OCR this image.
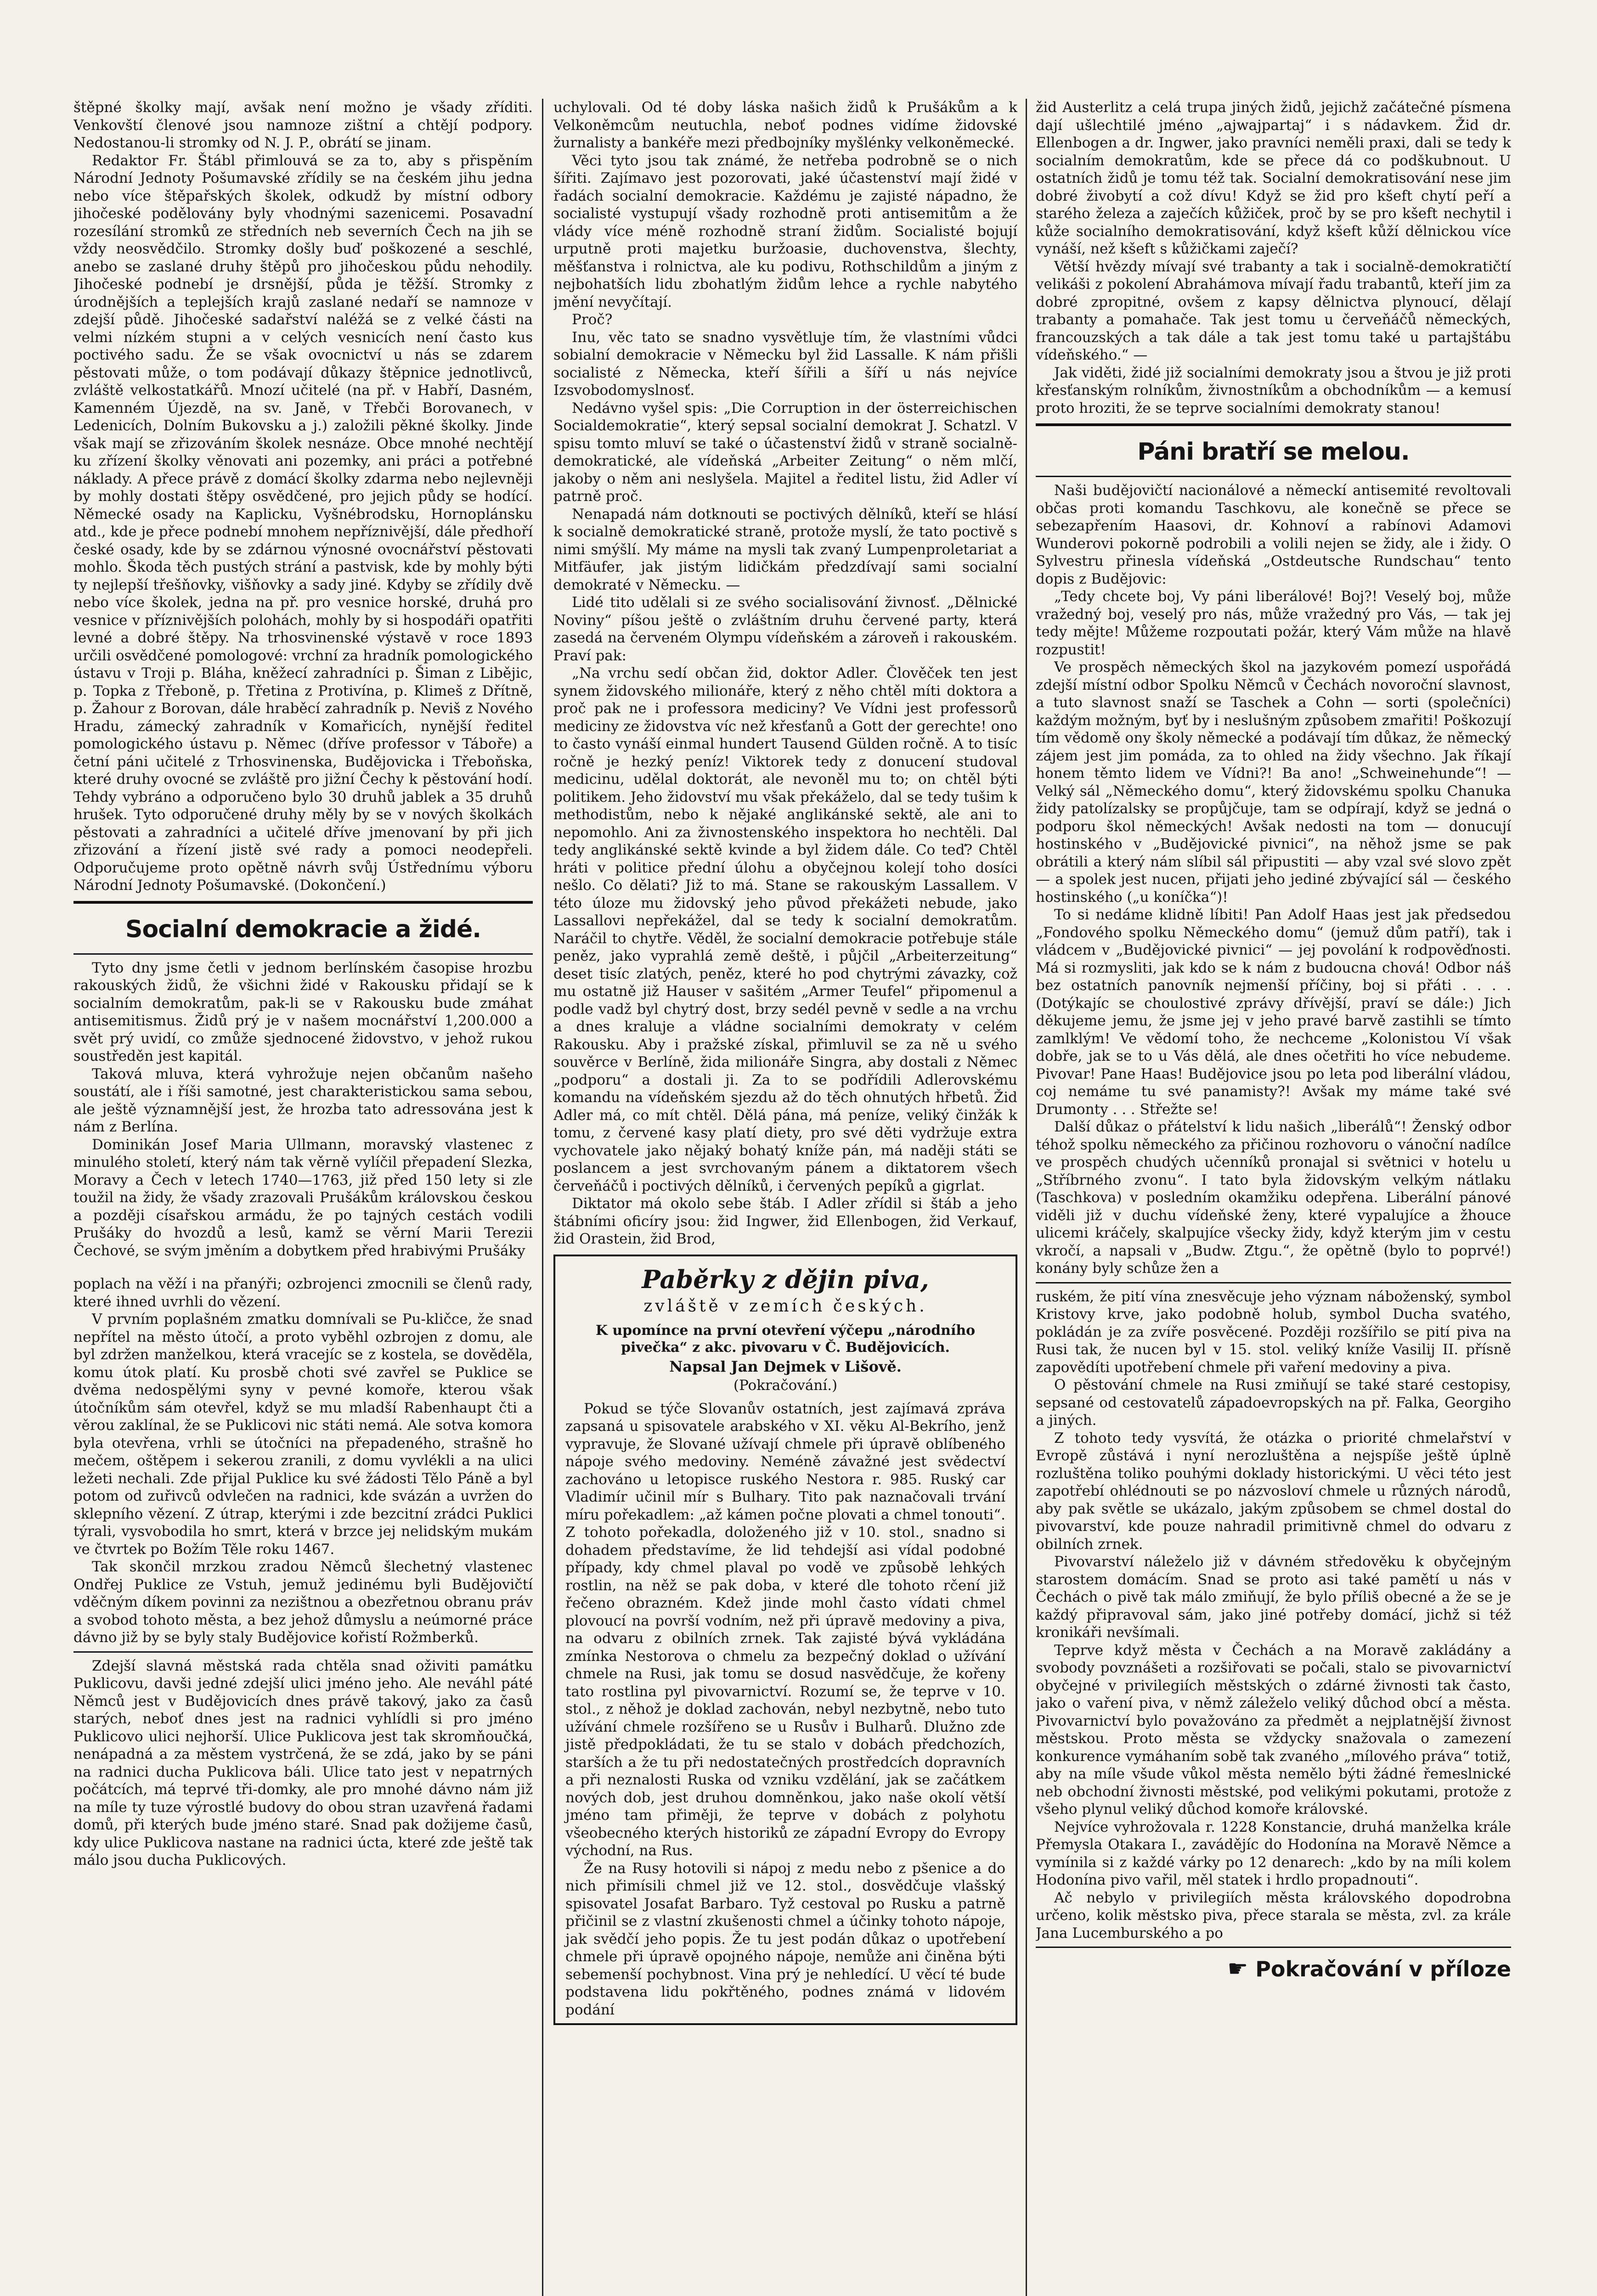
štěpné školky mají, avšak není možno je všady zříditi. Venkovští členové jsou namnoze zištní a chtějí podpory. Nedostanou-li stromky od N. J. P., obrátí se jinam.

Redaktor Fr. Štábl přimlouvá se za to, aby s přispěním Národní Jednoty Pošumavské zřídily se na českém jihu jedna nebo více štěpařských školek, odkudž by místní odbory jihočeské podělovány byly vhodnými sazenicemi. Posavadní rozesílání stromků ze středních neb severních Čech na jih se vždy neosvědčilo. Stromky došly buď poškozené a seschlé, anebo se zaslané druhy štěpů pro jihočeskou půdu nehodily. Jihočeské podnebí je drsnější, půda je těžší. Stromky z úrodnějších a teplejších krajů zaslané nedaří se namnoze v zdejší půdě. Jihočeské sadařství naléžá se z velké části na velmi nízkém stupni a v celých vesnicích není často kus poctivého sadu. Že se však ovocnictví u nás se zdarem pěstovati může, o tom podávají důkazy štěpnice jednotlivců, zvláště velkostatkářů. Mnozí učitelé (na př. v Habří, Dasném, Kamenném Újezdě, na sv. Janě, v Třebči Borovanech, v Ledenicích, Dolním Bukovsku a j.) založili pěkné školky. Jinde však mají se zřizováním školek nesnáze. Obce mnohé nechtějí ku zřízení školky věnovati ani pozemky, ani práci a potřebné náklady. A přece právě z domácí školky zdarma nebo nejlevněji by mohly dostati štěpy osvědčené, pro jejich půdy se hodící. Německé osady na Kaplicku, Vyšnébrodsku, Hornoplánsku atd., kde je přece podnebí mnohem nepříznivější, dále předhoří české osady, kde by se zdárnou výnosné ovocnářství pěstovati mohlo. Škoda těch pustých strání a pastvisk, kde by mohly býti ty nejlepší třešňovky, višňovky a sady jiné. Kdyby se zřídily dvě nebo více školek, jedna na př. pro vesnice horské, druhá pro vesnice v příznivějších polohách, mohly by si hospodáři opatřiti levné a dobré štěpy. Na trhosvinenské výstavě v roce 1893 určili osvědčené pomologové: vrchní za hradník pomologického ústavu v Troji p. Bláha, kněžecí zahradníci p. Šiman z Libějic, p. Topka z Třeboně, p. Třetina z Protivína, p. Klimeš z Dřítně, p. Žahour z Borovan, dále hraběcí zahradník p. Neviš z Nového Hradu, zámecký zahradník v Komařicích, nynější ředitel pomologického ústavu p. Němec (dříve professor v Táboře) a četní páni učitelé z Trhosvinenska, Budějovicka i Třeboňska, které druhy ovocné se zvláště pro jižní Čechy k pěstování hodí. Tehdy vybráno a odporučeno bylo 30 druhů jablek a 35 druhů hrušek. Tyto odporučené druhy měly by se v nových školkách pěstovati a zahradníci a učitelé dříve jmenovaní by při jich zřizování a řízení jistě své rady a pomoci neodepřeli. Odporučujeme proto opětně návrh svůj Ústřednímu výboru Národní Jednoty Pošumavské. (Dokončení.)

Socialní demokracie a židé.

Tyto dny jsme četli v jednom berlínském časopise hrozbu rakouských židů, že všichni židé v Rakousku přidají se k socialním demokratům, pak-li se v Rakousku bude zmáhat antisemitismus. Židů prý je v našem mocnářství 1,200.000 a svět prý uvidí, co zmůže sjednocené židovstvo, v jehož rukou soustředěn jest kapitál.

Taková mluva, která vyhrožuje nejen občanům našeho soustátí, ale i říši samotné, jest charakteristickou sama sebou, ale ještě významnější jest, že hrozba tato adressována jest k nám z Berlína.

Dominikán Josef Maria Ullmann, moravský vlastenec z minulého století, který nám tak věrně vylíčil přepadení Slezka, Moravy a Čech v letech 1740—1763, již před 150 lety si zle toužil na židy, že všady zrazovali Prušákům královskou českou a později císařskou armádu, že po tajných cestách vodili Prušáky do hvozdů a lesů, kamž se věrní Marii Terezii Čechové, se svým jměním a dobytkem před hrabivými Prušáky

poplach na věží i na přanýři; ozbrojenci zmocnili se členů rady, které ihned uvrhli do vězení.

V prvním poplašném zmatku domnívali se Pu-kličce, že snad nepřítel na město útočí, a proto vyběhl ozbrojen z domu, ale byl zdržen manželkou, která vracejíc se z kostela, se dověděla, komu útok platí. Ku prosbě choti své zavřel se Puklice se dvěma nedospělými syny v pevné komoře, kterou však útočníkům sám otevřel, když se mu mladší Rabenhaupt čti a věrou zaklínal, že se Puklicovi nic státi nemá. Ale sotva komora byla otevřena, vrhli se útočníci na přepadeného, strašně ho mečem, oštěpem i sekerou zranili, z domu vyvlékli a na ulici ležeti nechali. Zde přijal Puklice ku své žádosti Tělo Páně a byl potom od zuřivců odvlečen na radnici, kde svázán a uvržen do sklepního vězení. Z útrap, kterými i zde bezcitní zrádci Puklici týrali, vysvobodila ho smrt, která v brzce jej nelidským mukám ve čtvrtek po Božím Těle roku 1467.

Tak skončil mrzkou zradou Němců šlechetný vlastenec Ondřej Puklice ze Vstuh, jemuž jedinému byli Budějovičtí vděčným díkem povinni za nezištnou a obezřetnou obranu práv a svobod tohoto města, a bez jehož důmyslu a neúmorné práce dávno již by se byly staly Budějovice kořistí Rožmberků.

Zdejší slavná městská rada chtěla snad oživiti památku Puklicovu, davši jedné zdejší ulici jméno jeho. Ale neváhl páté Němců jest v Budějovicích dnes právě takový, jako za časů starých, neboť dnes jest na radnici vyhlídli si pro jméno Puklicovo ulici nejhorší. Ulice Puklicova jest tak skromňoučká, nenápadná a za městem vystrčená, že se zdá, jako by se páni na radnici ducha Puklicova báli. Ulice tato jest v nepatrných počátcích, má teprvé tři-domky, ale pro mnohé dávno nám již na míle ty tuze výrostlé budovy do obou stran uzavřená řadami domů, při kterých bude jméno staré. Snad pak dožijeme časů, kdy ulice Puklicova nastane na radnici úcta, které zde ještě tak málo jsou ducha Puklicových.

uchylovali. Od té doby láska našich židů k Prušákům a k Velkoněmcům neutuchla, neboť podnes vidíme židovské žurnalisty a bankéře mezi předbojníky myšlénky velkoněmecké.

Věci tyto jsou tak známé, že netřeba podrobně se o nich šířiti. Zajímavo jest pozorovati, jaké účastenství mají židé v řadách socialní demokracie. Každému je zajisté nápadno, že socialisté vystupují všady rozhodně proti antisemitům a že vlády více méně rozhodně straní židům. Socialisté bojují urputně proti majetku buržoasie, duchovenstva, šlechty, měšťanstva i rolnictva, ale ku podivu, Rothschildům a jiným z nejbohatších lidu zbohatlým židům lehce a rychle nabytého jmění nevyčítají.

Proč?

Inu, věc tato se snadno vysvětluje tím, že vlastními vůdci sobialní demokracie v Německu byl žid Lassalle. K nám přišli socialisté z Německa, kteří šířili a šíří u nás nejvíce Izsvobodomyslnosť.

Nedávno vyšel spis: „Die Corruption in der österreichischen Socialdemokratie“, který sepsal socialní demokrat J. Schatzl. V spisu tomto mluví se také o účastenství židů v straně socialně-demokratické, ale vídeňská „Arbeiter Zeitung“ o něm mlčí, jakoby o něm ani neslyšela. Majitel a ředitel listu, žid Adler ví patrně proč.

Nenapadá nám dotknouti se poctivých dělníků, kteří se hlásí k socialně demokratické straně, protože myslí, že tato poctivě s nimi smýšlí. My máme na mysli tak zvaný Lumpenproletariat a Mitfäufer, jak jistým lidičkám předzdívají sami socialní demokraté v Německu. —

Lidé tito udělali si ze svého socialisování živnosť. „Dělnické Noviny“ píšou ještě o zvláštním druhu červené party, která zasedá na červeném Olympu vídeňském a zároveň i rakouském. Praví pak:

„Na vrchu sedí občan žid, doktor Adler. Člověček ten jest synem židovského milionáře, který z něho chtěl míti doktora a proč pak ne i professora mediciny? Ve Vídni jest professorů mediciny ze židovstva víc než křesťanů a Gott der gerechte! ono to často vynáší einmal hundert Tausend Gülden ročně. A to tisíc ročně je hezký peníz! Viktorek tedy z donucení studoval medicinu, udělal doktorát, ale nevoněl mu to; on chtěl býti politikem. Jeho židovství mu však překáželo, dal se tedy tušim k methodistům, nebo k nějaké anglikánské sektě, ale ani to nepomohlo. Ani za živnostenského inspektora ho nechtěli. Dal tedy anglikánské sektě kvinde a byl židem dále. Co teď? Chtěl hráti v politice přední úlohu a obyčejnou kolejí toho dosíci nešlo. Co dělati? Již to má. Stane se rakouským Lassallem. V této úloze mu židovský jeho původ překážeti nebude, jako Lassallovi nepřekážel, dal se tedy k socialní demokratům. Naráčil to chytře. Věděl, že socialní demokracie potřebuje stále peněz, jako vyprahlá země deště, i půjčil „Arbeiterzeitung“ deset tisíc zlatých, peněz, které ho pod chytrými závazky, což mu ostatně již Hauser v sašitém „Armer Teufel“ připomenul a podle vadž byl chytrý dost, brzy sedél pevně v sedle a na vrchu a dnes kraluje a vládne socialními demokraty v celém Rakousku. Aby i pražské získal, přimluvil se za ně u svého souvěrce v Berlíně, žida milionáře Singra, aby dostali z Němec „podporu“ a dostali ji. Za to se podřídili Adlerovskému komandu na vídeňském sjezdu až do těch ohnutých hřbetů. Žid Adler má, co mít chtěl. Dělá pána, má peníze, veliký činžák k tomu, z červené kasy platí diety, pro své děti vydržuje extra vychovatele jako nějaký bohatý kníže pán, má naději státi se poslancem a jest svrchovaným pánem a diktatorem všech červeňáčů i poctivých dělníků, i červených pepíků a gigrlat.

Diktator má okolo sebe štáb. I Adler zřídil si štáb a jeho štábními oficíry jsou: žid Ingwer, žid Ellenbogen, žid Verkauf, žid Orastein, žid Brod,

Paběrky z dějin piva,
zvláště v zemích českých.
K upomínce na první otevření výčepu „národního pivečka“ z akc. pivovaru v Č. Budějovicích.
Napsal Jan Dejmek v Lišově.
(Pokračování.)

Pokud se týče Slovanův ostatních, jest zajímavá zpráva zapsaná u spisovatele arabského v XI. věku Al-Bekrího, jenž vypravuje, že Slované užívají chmele při úpravě oblíbeného nápoje svého medoviny. Neméně závažné jest svědectví zachováno u letopisce ruského Nestora r. 985. Ruský car Vladimír učinil mír s Bulhary. Tito pak naznačovali trvání míru pořekadlem: „až kámen počne plovati a chmel tonouti“. Z tohoto pořekadla, doloženého již v 10. stol., snadno si dohadem představíme, že lid tehdejší asi vídal podobné případy, kdy chmel plaval po vodě ve způsobě lehkých rostlin, na něž se pak doba, v které dle tohoto rčení již řečeno obrazném. Kdež jinde mohl často vídati chmel plovoucí na površí vodním, než při úpravě medoviny a piva, na odvaru z obilních zrnek. Tak zajisté bývá vykládána zmínka Nestorova o chmelu za bezpečný doklad o užívání chmele na Rusi, jak tomu se dosud nasvědčuje, že kořeny tato rostlina pyl pivovarnictví. Rozumí se, že teprve v 10. stol., z něhož je doklad zachován, nebyl nezbytně, nebo tuto užívání chmele rozšířeno se u Rusův i Bulharů. Dlužno zde jistě předpokládati, že tu se stalo v dobách předchozích, starších a že tu při nedostatečných prostředcích dopravních a při neznalosti Ruska od vzniku vzdělání, jak se začátkem nových dob, jest druhou domněnkou, jako naše okolí větší jméno tam přiměji, že teprve v dobách z polyhotu všeobecného kterých historiků ze západní Evropy do Evropy východní, na Rus.

Že na Rusy hotovili si nápoj z medu nebo z pšenice a do nich přimísili chmel již ve 12. stol., dosvědčuje vlašský spisovatel Josafat Barbaro. Tyž cestoval po Rusku a patrně přičinil se z vlastní zkušenosti chmel a účinky tohoto nápoje, jak svědčí jeho popis. Že tu jest podán důkaz o upotřebení chmele při úpravě opojného nápoje, nemůže ani činěna býti sebemenší pochybnost. Vina prý je nehledící. U věcí té bude podstavena lidu pokřtěného, podnes známá v lidovém podání

žid Austerlitz a celá trupa jiných židů, jejichž začátečné písmena dají ušlechtilé jméno „ajwajpartaj“ i s nádavkem. Žid dr. Ellenbogen a dr. Ingwer, jako pravníci neměli praxi, dali se tedy k socialním demokratům, kde se přece dá co podškubnout. U ostatních židů je tomu též tak. Socialní demokratisování nese jim dobré živobytí a což dívu! Když se žid pro kšeft chytí peří a starého železa a zaječích kůžiček, proč by se pro kšeft nechytil i kůže socialního demokratisování, když kšeft kůží dělnickou více vynáší, než kšeft s kůžičkami zaječí?

Větší hvězdy mívají své trabanty a tak i socialně-demokratičtí velikáši z pokolení Abrahámova mívají řadu trabantů, kteří jim za dobré zpropitné, ovšem z kapsy dělnictva plynoucí, dělají trabanty a pomahače. Tak jest tomu u červeňáčů německých, francouzských a tak dále a tak jest tomu také u partajštábu vídeňského.“ —

Jak viděti, židé již socialními demokraty jsou a štvou je již proti křesťanským rolníkům, živnostníkům a obchodníkům — a kemusí proto hroziti, že se teprve socialními demokraty stanou!

Páni bratří se melou.

Naši budějovičtí nacionálové a německí antisemité revoltovali občas proti komandu Taschkovu, ale konečně se přece se sebezapřením Haasovi, dr. Kohnoví a rabínovi Adamovi Wunderovi pokorně podrobili a volili nejen se židy, ale i židy. O Sylvestru přinesla vídeňská „Ostdeutsche Rundschau“ tento dopis z Budějovic:

„Tedy chcete boj, Vy páni liberálové! Boj?! Veselý boj, může vražedný boj, veselý pro nás, může vražedný pro Vás, — tak jej tedy mějte! Můžeme rozpoutati požár, který Vám může na hlavě rozpustit!

Ve prospěch německých škol na jazykovém pomezí uspořádá zdejší místní odbor Spolku Němců v Čechách novoroční slavnost, a tuto slavnost snaží se Taschek a Cohn — sorti (společníci) každým možným, byť by i neslušným způsobem zmařiti! Poškozují tím vědomě ony školy německé a podávají tím důkaz, že německý zájem jest jim pomáda, za to ohled na židy všechno. Jak říkají honem těmto lidem ve Vídni?! Ba ano! „Schweinehunde“! — Velký sál „Německého domu“, který židovskému spolku Chanuka židy patolízalsky se propůjčuje, tam se odpírají, když se jedná o podporu škol německých! Avšak nedosti na tom — donucují hostinského v „Budějovické pivnici“, na něhož jsme se pak obrátili a který nám slíbil sál připustiti — aby vzal své slovo zpět — a spolek jest nucen, přijati jeho jediné zbývající sál — českého hostinského („u koníčka“)!

To si nedáme klidně líbiti! Pan Adolf Haas jest jak předsedou „Fondového spolku Německého domu“ (jemuž dům patří), tak i vládcem v „Budějovické pivnici“ — jej povolání k rodpověďnosti. Má si rozmysliti, jak kdo se k nám z budoucna chová! Odbor náš bez ostatních panovník nejmenší příčiny, boj si přáti . . . . (Dotýkajíc se choulostivé zprávy dřívější, praví se dále:) Jich děkujeme jemu, že jsme jej v jeho pravé barvě zastihli se tímto zamlklým! Ve vědomí toho, že nechceme „Kolonistou Ví však dobře, jak se to u Vás dělá, ale dnes očetřiti ho více nebudeme. Pivovar! Pane Haas! Budějovice jsou po leta pod liberální vládou, coj nemáme tu své panamisty?! Avšak my máme také své Drumonty . . . Střežte se!

Další důkaz o přátelství k lidu našich „liberálů“! Ženský odbor téhož spolku německého za přičinou rozhovoru o vánoční nadílce ve prospěch chudých učenníků pronajal si světnici v hotelu u „Stříbrného zvonu“. I tato byla židovským velkým nátlaku (Taschkova) v posledním okamžiku odepřena. Liberální pánové viděli již v duchu vídeňské ženy, které vypalujíce a žhouce ulicemi kráčely, skalpujíce všecky židy, když kterým jim v cestu vkročí, a napsali v „Budw. Ztgu.“, že opětně (bylo to poprvé!) konány byly schůze žen a

ruském, že pití vína znesvěcuje jeho význam náboženský, symbol Kristovy krve, jako podobně holub, symbol Ducha svatého, pokládán je za zvíře posvěcené. Později rozšířilo se pití piva na Rusi tak, že nucen byl v 15. stol. veliký kníže Vasilij II. přísně zapovědíti upotřebení chmele při vaření medoviny a piva.

O pěstování chmele na Rusi zmiňují se také staré cestopisy, sepsané od cestovatelů západoevropských na př. Falka, Georgiho a jiných.

Z tohoto tedy vysvítá, že otázka o priorité chmelařství v Evropě zůstává i nyní nerozluštěna a nejspíše ještě úplně rozluštěna toliko pouhými doklady historickými. U věci této jest zapotřebí ohlédnouti se po názvosloví chmele u různých národů, aby pak světle se ukázalo, jakým způsobem se chmel dostal do pivovarství, kde pouze nahradil primitivně chmel do odvaru z obilních zrnek.

Pivovarství náleželo již v dávném středověku k obyčejným starostem domácím. Snad se proto asi také pamětí u nás v Čechách o pivě tak málo zmiňují, že bylo příliš obecné a že se je každý připravoval sám, jako jiné potřeby domácí, jichž si též kronikáři nevšímali.

Teprve když města v Čechách a na Moravě zakládány a svobody povznášeti a rozšiřovati se počali, stalo se pivovarnictví obyčejné v privilegiích městských o zdárné živnosti tak často, jako o vaření piva, v němž záleželo veliký důchod obcí a města. Pivovarnictví bylo považováno za předmět a nejplatnější živnost městskou. Proto města se vždycky snažovala o zamezení konkurence vymáhaním sobě tak zvaného „mílového práva“ totiž, aby na míle všude vůkol města nemělo býti žádné řemeslnické neb obchodní živnosti městské, pod velikými pokutami, protože z všeho plynul veliký důchod komoře královské.

Nejvíce vyhrožovala r. 1228 Konstancie, druhá manželka krále Přemysla Otakara I., zavádějíc do Hodonína na Moravě Němce a vymínila si z každé várky po 12 denarech: „kdo by na míli kolem Hodonína pivo vařil, měl statek i hrdlo propadnouti“.

Ač nebylo v privilegiích města královského dopodrobna určeno, kolik městsko piva, přece starala se města, zvl. za krále Jana Lucemburského a po

☛ Pokračování v příloze
